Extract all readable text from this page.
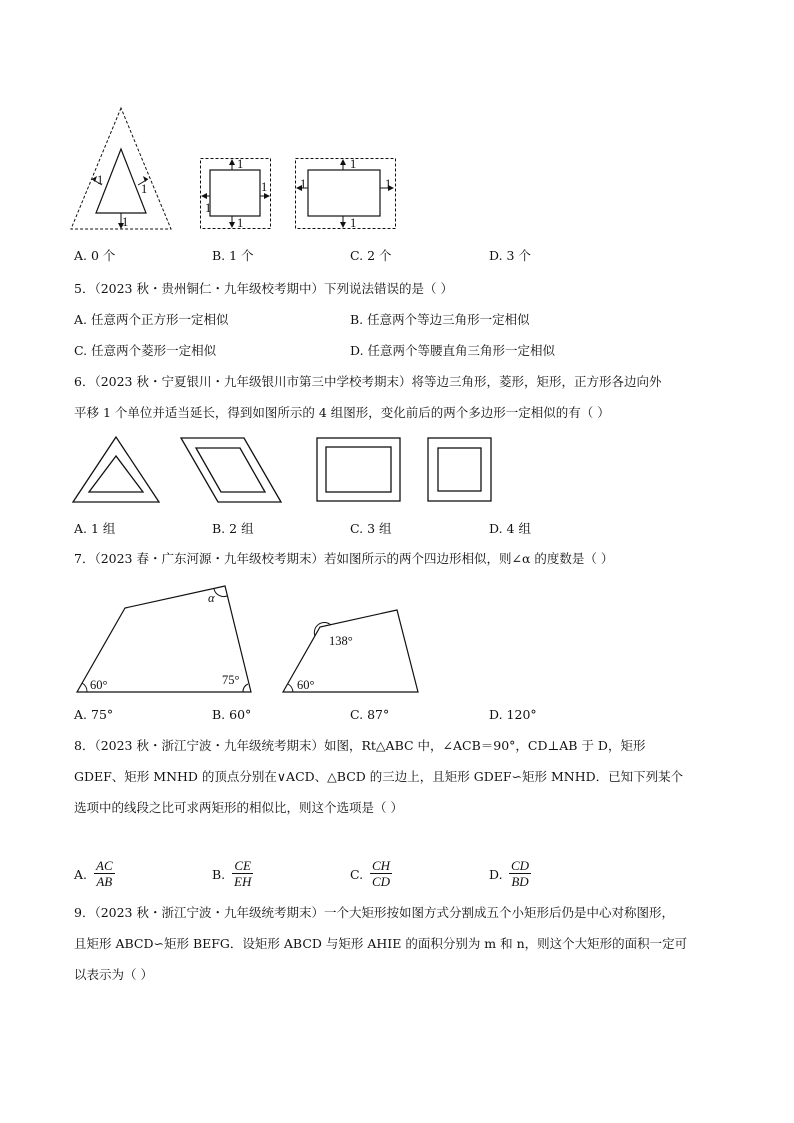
1
1
1
1
1
1
1
1
1	1
1
A. 0 个	B. 1 个	C. 2 个	D. 3 个
5．（2023 秋・贵州铜仁・九年级校考期中）下列说法错误的是（ ）
A. 任意两个正方形一定相似	B. 任意两个等边三角形一定相似
C. 任意两个菱形一定相似	D. 任意两个等腰直角三角形一定相似
6．（2023 秋・宁夏银川・九年级银川市第三中学校考期末）将等边三角形，菱形，矩形，正方形各边向外
平移 1 个单位并适当延长，得到如图所示的 4 组图形，变化前后的两个多边形一定相似的有（ ）
A. 1 组	B. 2 组	C. 3 组	D. 4 组
7．（2023 春・广东河源・九年级校考期末）若如图所示的两个四边形相似，则∠α 的度数是（ ）
α
60°	75°
138°
60°
A. 75°	B. 60°	C. 87°	D. 120°
8．（2023 秋・浙江宁波・九年级统考期末）如图，Rt△ABC 中，∠ACB＝90°，CD⊥AB 于 D，矩形
GDEF、矩形 MNHD 的顶点分别在∨ACD、△BCD 的三边上，且矩形 GDEF∽矩形 MNHD．已知下列某个
选项中的线段之比可求两矩形的相似比，则这个选项是（ ）
A. $\frac{AC}{AB}$	B. $\frac{CE}{EH}$	C. $\frac{CH}{CD}$	D. $\frac{CD}{BD}$
9．（2023 秋・浙江宁波・九年级统考期末）一个大矩形按如图方式分割成五个小矩形后仍是中心对称图形，
且矩形 ABCD∽矩形 BEFG．设矩形 ABCD 与矩形 AHIE 的面积分别为 m 和 n，则这个大矩形的面积一定可
以表示为（ ）
